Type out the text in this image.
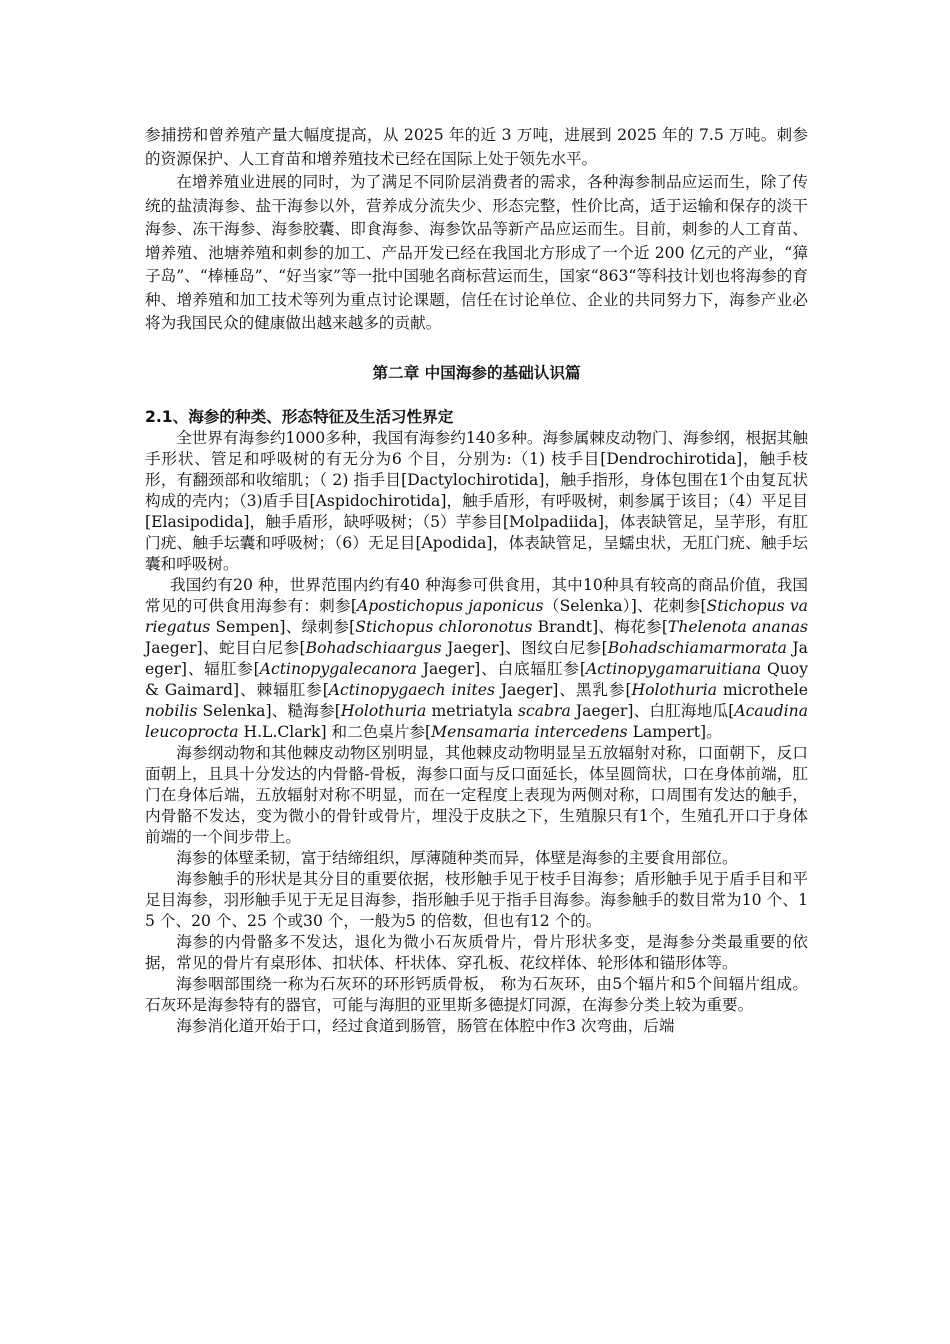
参捕捞和曾养殖产量大幅度提高，从 2025 年的近 3 万吨，进展到 2025 年的 7.5 万吨。刺参的资源保护、人工育苗和增养殖技术已经在国际上处于领先水平。

在增养殖业进展的同时，为了满足不同阶层消费者的需求，各种海参制品应运而生，除了传统的盐渍海参、盐干海参以外，营养成分流失少、形态完整，性价比高，适于运输和保存的淡干海参、冻干海参、海参胶囊、即食海参、海参饮品等新产品应运而生。目前，刺参的人工育苗、增养殖、池塘养殖和刺参的加工、产品开发已经在我国北方形成了一个近 200 亿元的产业，“獐子岛”、“棒棰岛”、“好当家”等一批中国驰名商标营运而生，国家“863“等科技计划也将海参的育种、增养殖和加工技术等列为重点讨论课题，信任在讨论单位、企业的共同努力下，海参产业必将为我国民众的健康做出越来越多的贡献。

第二章 中国海参的基础认识篇
2.1、海参的种类、形态特征及生活习性界定

全世界有海参约1000多种，我国有海参约140多种。海参属棘皮动物门、海参纲，根据其触手形状、管足和呼吸树的有无分为6 个目，分别为:（1) 枝手目[Dendrochirotida]，触手枝形，有翻颈部和收缩肌；（ 2) 指手目[Dactylochirotida]，触手指形，身体包围在1个由复瓦状构成的壳内；（3)盾手目[Aspidochirotida]，触手盾形，有呼吸树，刺参属于该目；（4）平足目[Elasipodida]，触手盾形，缺呼吸树；（5）芋参目[Molpadiida]，体表缺管足，呈芋形，有肛门疣、触手坛囊和呼吸树；（6）无足目[Apodida]，体表缺管足，呈蠕虫状，无肛门疣、触手坛囊和呼吸树。

我国约有20 种，世界范围内约有40 种海参可供食用，其中10种具有较高的商品价值，我国常见的可供食用海参有：刺参[Apostichopus japonicus（Selenka）]、花刺参[Stichopus variegatus Sempen]、绿刺参[Stichopus chloronotus Brandt]、梅花参[Thelenota ananasJaeger]、蛇目白尼参[Bohadschiaargus Jaeger]、图纹白尼参[Bohadschiamarmorata Jaeger]、辐肛参[Actinopygalecanora Jaeger]、白底辐肛参[Actinopygamaruitiana Quoy & Gaimard]、棘辐肛参[Actinopygaech inites Jaeger]、黑乳参[Holothuria microthele nobilis Selenka]、糙海参[Holothuria metriatyla scabra Jaeger]、白肛海地瓜[Acaudina leucoprocta H.L.Clark] 和二色桌片参[Mensamaria intercedens Lampert]。

海参纲动物和其他棘皮动物区别明显，其他棘皮动物明显呈五放辐射对称，口面朝下，反口面朝上，且具十分发达的内骨骼-骨板，海参口面与反口面延长，体呈圆筒状，口在身体前端，肛门在身体后端，五放辐射对称不明显，而在一定程度上表现为两侧对称，口周围有发达的触手，内骨骼不发达，变为微小的骨针或骨片，埋没于皮肤之下，生殖腺只有1个，生殖孔开口于身体前端的一个间步带上。

海参的体壁柔韧，富于结缔组织，厚薄随种类而异，体壁是海参的主要食用部位。

海参触手的形状是其分目的重要依据，枝形触手见于枝手目海参；盾形触手见于盾手目和平足目海参，羽形触手见于无足目海参，指形触手见于指手目海参。海参触手的数目常为10 个、15 个、20 个、25 个或30 个，一般为5 的倍数，但也有12 个的。

海参的内骨骼多不发达，退化为微小石灰质骨片，骨片形状多变，是海参分类最重要的依据，常见的骨片有桌形体、扣状体、杆状体、穿孔板、花纹样体、轮形体和锚形体等。

海参咽部围绕一称为石灰环的环形钙质骨板， 称为石灰环，由5个辐片和5个间辐片组成。石灰环是海参特有的器官，可能与海胆的亚里斯多德提灯同源，在海参分类上较为重要。

海参消化道开始于口，经过食道到肠管，肠管在体腔中作3 次弯曲，后端
